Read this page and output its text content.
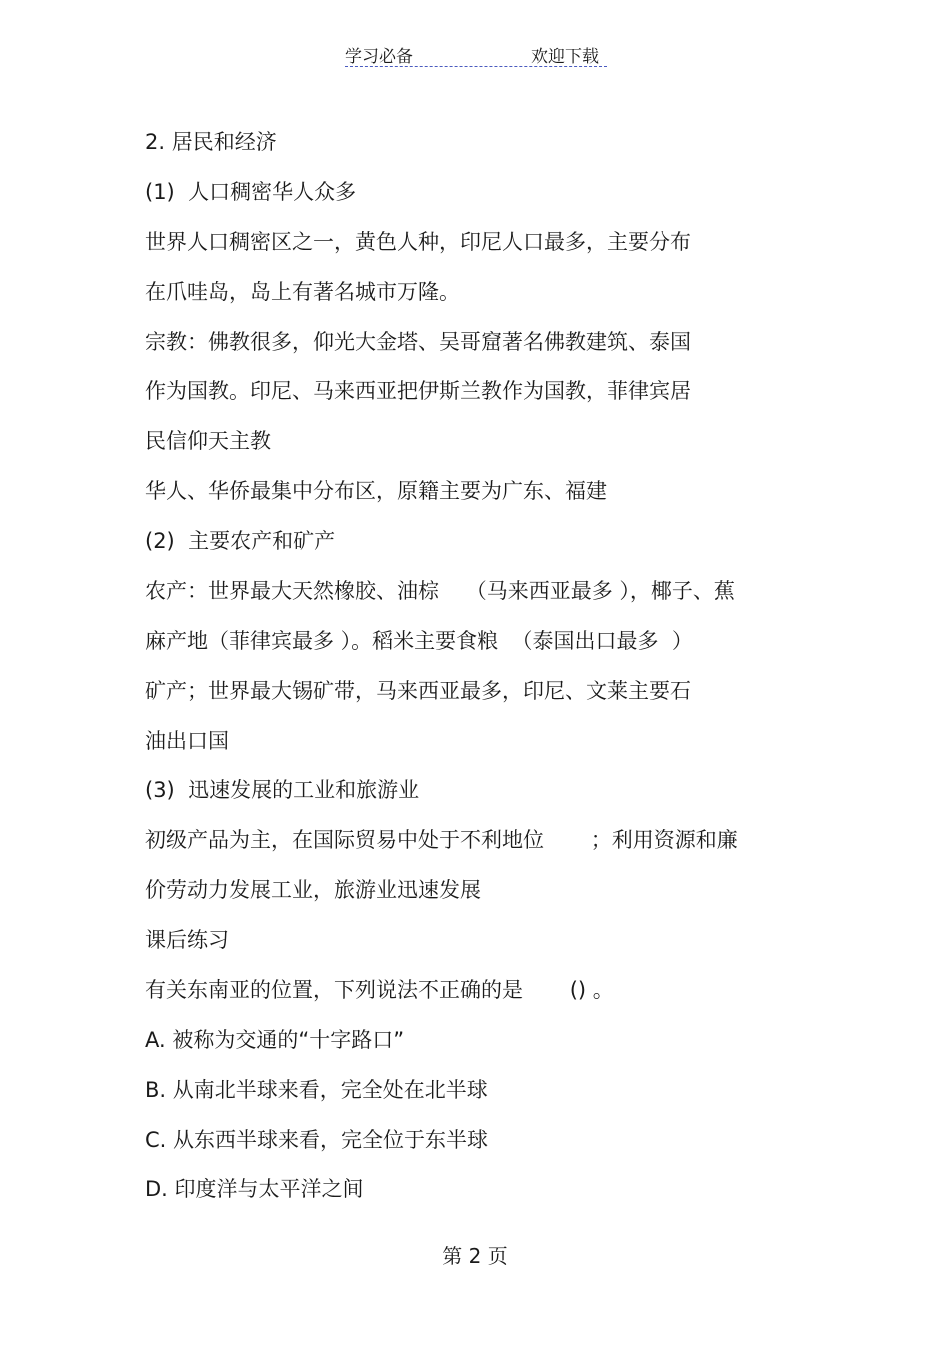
学习必备	欢迎下载
2. 居民和经济
(1)  人口稠密华人众多
世界人口稠密区之一，黄色人种，印尼人口最多，主要分布
在爪哇岛，岛上有著名城市万隆。
宗教：佛教很多，仰光大金塔、吴哥窟著名佛教建筑、泰国
作为国教。印尼、马来西亚把伊斯兰教作为国教，菲律宾居
民信仰天主教
华人、华侨最集中分布区，原籍主要为广东、福建
(2)  主要农产和矿产
农产：世界最大天然橡胶、油棕    （马来西亚最多 ），椰子、蕉
麻产地（菲律宾最多 ）。稻米主要食粮  （泰国出口最多  ）
矿产；世界最大锡矿带，马来西亚最多，印尼、文莱主要石
油出口国
(3)  迅速发展的工业和旅游业
初级产品为主，在国际贸易中处于不利地位       ；利用资源和廉
价劳动力发展工业，旅游业迅速发展
课后练习
有关东南亚的位置，下列说法不正确的是       () 。
A. 被称为交通的“十字路口”
B. 从南北半球来看，完全处在北半球
C. 从东西半球来看，完全位于东半球
D. 印度洋与太平洋之间
第 2 页
